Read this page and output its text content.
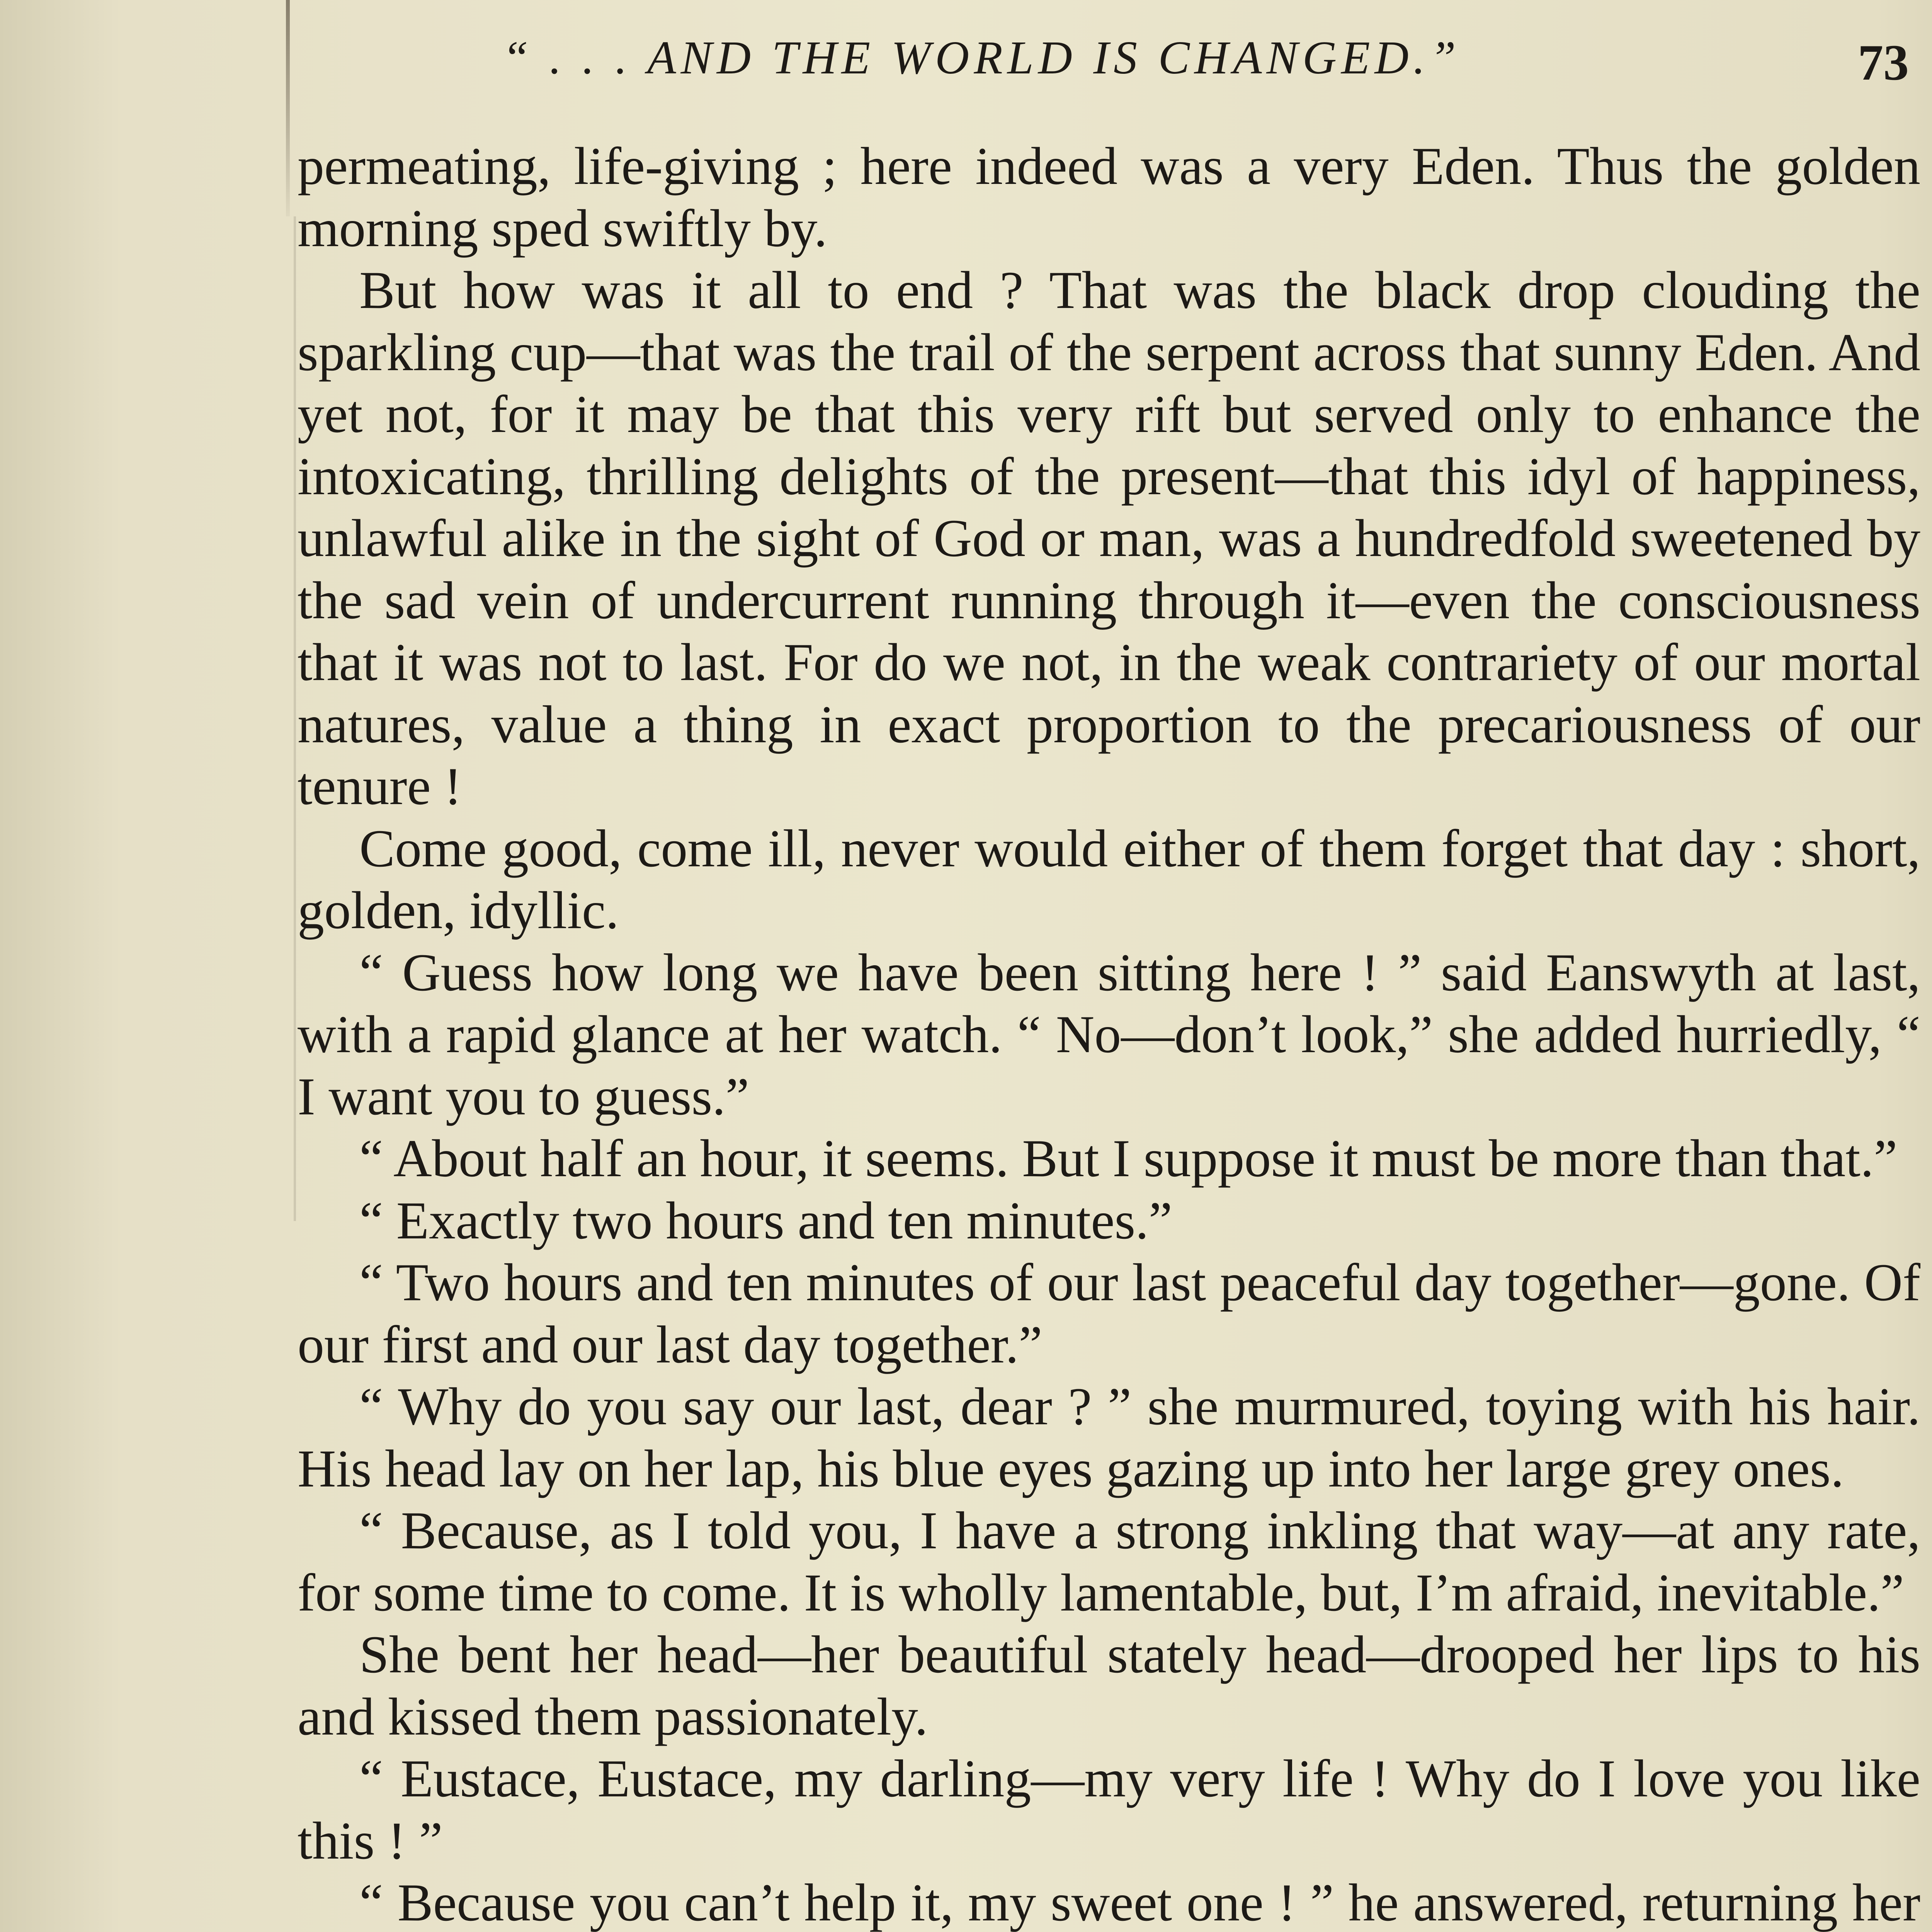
“ . . . AND THE WORLD IS CHANGED.”	73

permeating, life-giving ; here indeed was a very Eden. Thus the golden morning sped swiftly by.

But how was it all to end ? That was the black drop clouding the sparkling cup—that was the trail of the serpent across that sunny Eden. And yet not, for it may be that this very rift but served only to enhance the intoxicating, thrilling delights of the present—that this idyl of happiness, unlawful alike in the sight of God or man, was a hundredfold sweetened by the sad vein of undercurrent running through it—even the consciousness that it was not to last. For do we not, in the weak contrariety of our mortal natures, value a thing in exact proportion to the precariousness of our tenure !

Come good, come ill, never would either of them forget that day : short, golden, idyllic.

“ Guess how long we have been sitting here ! ” said Eanswyth at last, with a rapid glance at her watch. “ No—don’t look,” she added hurriedly, “ I want you to guess.”

“ About half an hour, it seems. But I suppose it must be more than that.”

“ Exactly two hours and ten minutes.”

“ Two hours and ten minutes of our last peaceful day together—gone. Of our first and our last day together.”

“ Why do you say our last, dear ? ” she murmured, toying with his hair. His head lay on her lap, his blue eyes gazing up into her large grey ones.

“ Because, as I told you, I have a strong inkling that way—at any rate, for some time to come. It is wholly lamentable, but, I’m afraid, inevitable.”

She bent her head—her beautiful stately head—drooped her lips to his and kissed them passionately.

“ Eustace, Eustace, my darling—my very life ! Why do I love you like this ! ”

“ Because you can’t help it, my sweet one ! ” he answered, returning her
